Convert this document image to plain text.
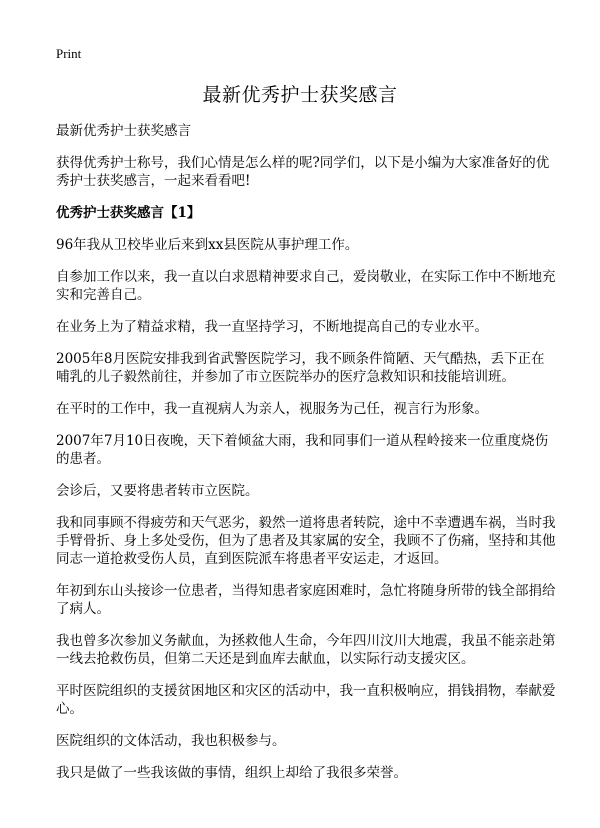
Print
最新优秀护士获奖感言

最新优秀护士获奖感言

获得优秀护士称号，我们心情是怎么样的呢?同学们，以下是小编为大家准备好的优秀护士获奖感言，一起来看看吧!

优秀护士获奖感言【1】

96年我从卫校毕业后来到xx县医院从事护理工作。

自参加工作以来，我一直以白求恩精神要求自己，爱岗敬业，在实际工作中不断地充实和完善自己。

在业务上为了精益求精，我一直坚持学习，不断地提高自己的专业水平。

2005年8月医院安排我到省武警医院学习，我不顾条件简陋、天气酷热，丢下正在哺乳的儿子毅然前往，并参加了市立医院举办的医疗急救知识和技能培训班。

在平时的工作中，我一直视病人为亲人，视服务为己任，视言行为形象。

2007年7月10日夜晚，天下着倾盆大雨，我和同事们一道从程岭接来一位重度烧伤的患者。

会诊后，又要将患者转市立医院。

我和同事顾不得疲劳和天气恶劣，毅然一道将患者转院，途中不幸遭遇车祸，当时我手臂骨折、身上多处受伤，但为了患者及其家属的安全，我顾不了伤痛，坚持和其他同志一道抢救受伤人员，直到医院派车将患者平安运走，才返回。

年初到东山头接诊一位患者，当得知患者家庭困难时，急忙将随身所带的钱全部捐给了病人。

我也曾多次参加义务献血，为拯救他人生命，今年四川汶川大地震，我虽不能亲赴第一线去抢救伤员，但第二天还是到血库去献血，以实际行动支援灾区。

平时医院组织的支援贫困地区和灾区的活动中，我一直积极响应，捐钱捐物，奉献爱心。

医院组织的文体活动，我也积极参与。

我只是做了一些我该做的事情，组织上却给了我很多荣誉。
